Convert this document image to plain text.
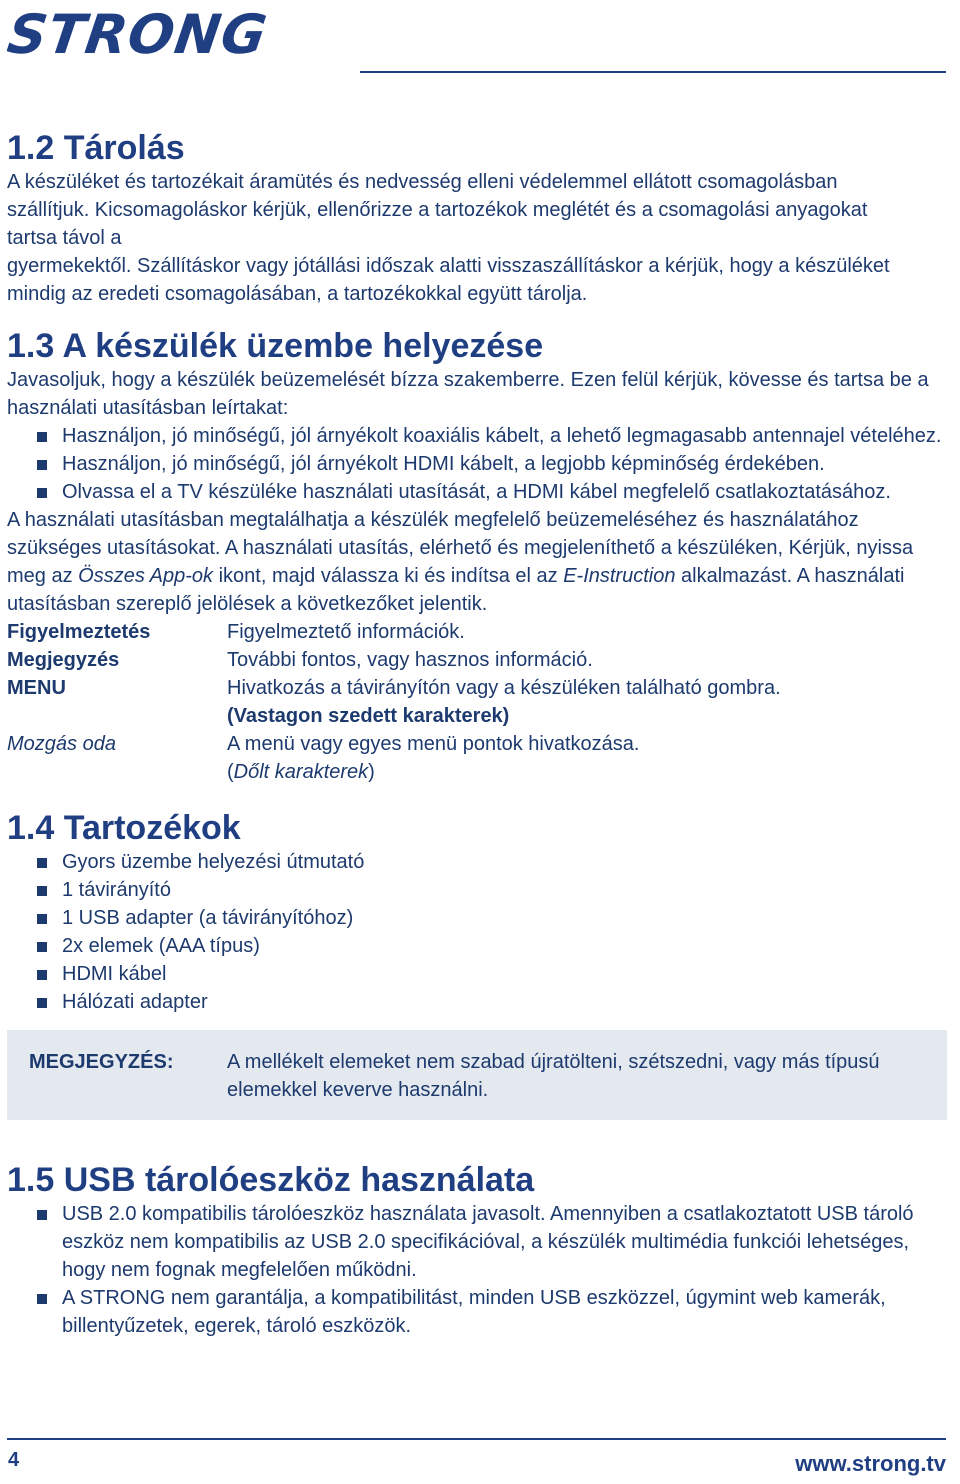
STRONG
1.2 Tárolás

A készüléket és tartozékait áramütés és nedvesség elleni védelemmel ellátott csomagolásban

szállítjuk. Kicsomagoláskor kérjük, ellenőrizze a tartozékok meglétét és a csomagolási anyagokat

tartsa távol a

gyermekektől. Szállításkor vagy jótállási időszak alatti visszaszállításkor a kérjük, hogy a készüléket

mindig az eredeti csomagolásában, a tartozékokkal együtt tárolja.

1.3 A készülék üzembe helyezése

Javasoljuk, hogy a készülék beüzemelését bízza szakemberre. Ezen felül kérjük, kövesse és tartsa be a

használati utasításban leírtakat:

Használjon, jó minőségű, jól árnyékolt koaxiális kábelt, a lehető legmagasabb antennajel vételéhez.
Használjon, jó minőségű, jól árnyékolt HDMI kábelt, a legjobb képminőség érdekében.
Olvassa el a TV készüléke használati utasítását, a HDMI kábel megfelelő csatlakoztatásához.

A használati utasításban megtalálhatja a készülék megfelelő beüzemeléséhez és használatához

szükséges utasításokat. A használati utasítás, elérhető és megjeleníthető a készüléken, Kérjük, nyissa

meg az Összes App-ok ikont, majd válassza ki és indítsa el az E-Instruction alkalmazást. A használati

utasításban szereplő jelölések a következőket jelentik.

Figyelmeztetés	Figyelmeztető információk.
Megjegyzés	További fontos, vagy hasznos információ.
MENU	Hivatkozás a távirányítón vagy a készüléken található gombra.
(Vastagon szedett karakterek)
Mozgás oda	A menü vagy egyes menü pontok hivatkozása.
(Dőlt karakterek)
1.4 Tartozékok
Gyors üzembe helyezési útmutató
1 távirányító
1 USB adapter (a távirányítóhoz)
2x elemek (AAA típus)
HDMI kábel
Hálózati adapter
MEGJEGYZÉS:	A mellékelt elemeket nem szabad újratölteni, szétszedni, vagy más típusú elemekkel keverve használni.
1.5 USB tárolóeszköz használata
USB 2.0 kompatibilis tárolóeszköz használata javasolt. Amennyiben a csatlakoztatott USB tároló eszköz nem kompatibilis az USB 2.0 specifikációval, a készülék multimédia funkciói lehetséges, hogy nem fognak megfelelően működni.
A STRONG nem garantálja, a kompatibilitást, minden USB eszközzel, úgymint web kamerák, billentyűzetek, egerek, tároló eszközök.
4	www.strong.tv
